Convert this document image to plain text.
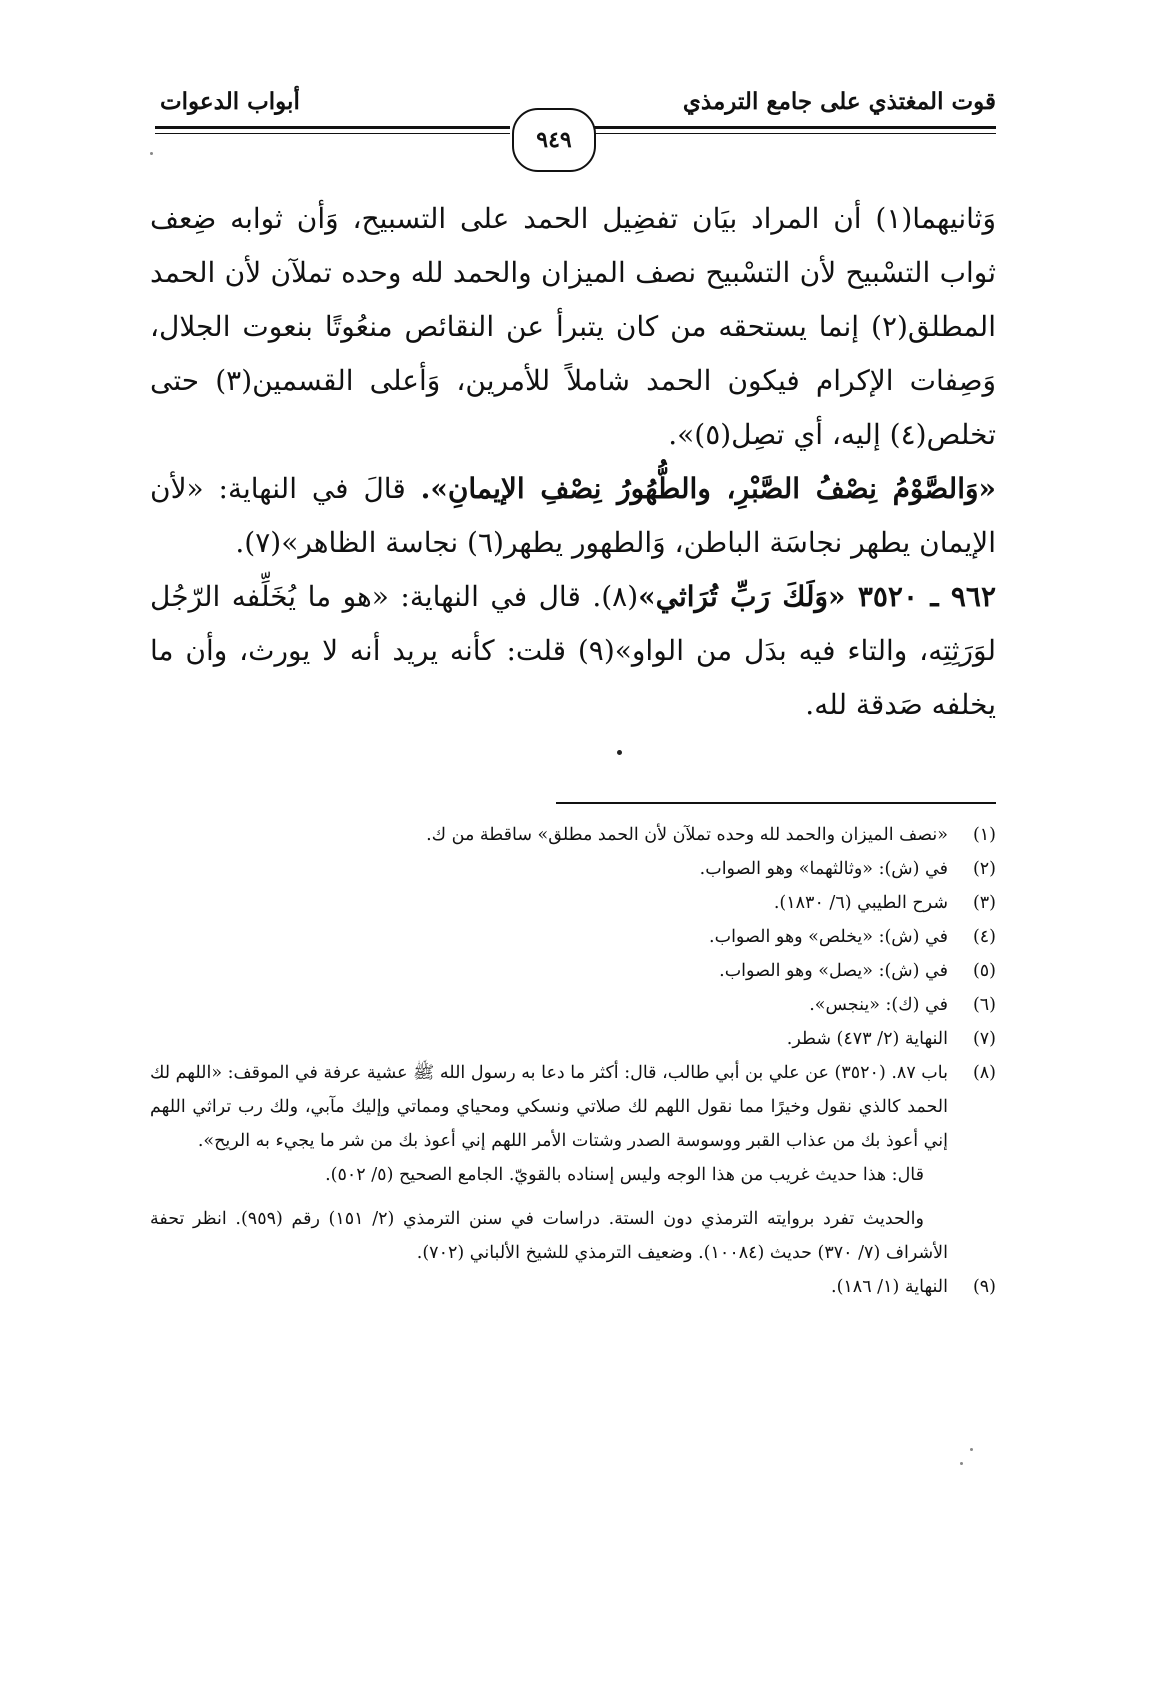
قوت المغتذي على جامع الترمذي
أبواب الدعوات
٩٤٩

وَثانيهما(١) أن المراد بيَان تفضِيل الحمد على التسبيح، وَأن ثوابه ضِعف ثواب التسْبيح لأن التسْبيح نصف الميزان والحمد لله وحده تملآن لأن الحمد المطلق(٢) إنما يستحقه من كان يتبرأ عن النقائص منعُوتًا بنعوت الجلال، وَصِفات الإكرام فيكون الحمد شاملاً للأمرين، وَأعلى القسمين(٣) حتى تخلص(٤) إليه، أي تصِل(٥)».

«وَالصَّوْمُ نِصْفُ الصَّبْرِ، والطُّهُورُ نِصْفِ الإيمانِ». قالَ في النهاية: «لأن الإيمان يطهر نجاسَة الباطن، وَالطهور يطهر(٦) نجاسة الظاهر»(٧).

٩٦٢ ـ ٣٥٢٠ «وَلَكَ رَبِّ تُرَاثي»(٨). قال في النهاية: «هو ما يُخَلِّفه الرّجُل لوَرَثِتِه، والتاء فيه بدَل من الواو»(٩) قلت: كأنه يريد أنه لا يورث، وأن ما يخلفه صَدقة لله.

(١)
«نصف الميزان والحمد لله وحده تملآن لأن الحمد مطلق» ساقطة من ك.
(٢)
في (ش): «وثالثهما» وهو الصواب.
(٣)
شرح الطيبي (٦/ ١٨٣٠).
(٤)
في (ش): «يخلص» وهو الصواب.
(٥)
في (ش): «يصل» وهو الصواب.
(٦)
في (ك): «ينجس».
(٧)
النهاية (٢/ ٤٧٣) شطر.
(٨)
باب ٨٧. (٣٥٢٠) عن علي بن أبي طالب، قال: أكثر ما دعا به رسول الله ﷺ عشية عرفة في الموقف: «اللهم لك الحمد كالذي نقول وخيرًا مما نقول اللهم لك صلاتي ونسكي ومحياي ومماتي وإليك مآبي، ولك رب تراثي اللهم إني أعوذ بك من عذاب القبر ووسوسة الصدر وشتات الأمر اللهم إني أعوذ بك من شر ما يجيء به الريح».
قال: هذا حديث غريب من هذا الوجه وليس إسناده بالقويّ. الجامع الصحيح (٥/ ٥٠٢).
والحديث تفرد بروايته الترمذي دون الستة. دراسات في سنن الترمذي (٢/ ١٥١) رقم (٩٥٩). انظر تحفة الأشراف (٧/ ٣٧٠) حديث (١٠٠٨٤). وضعيف الترمذي للشيخ الألباني (٧٠٢).
(٩)
النهاية (١/ ١٨٦).
